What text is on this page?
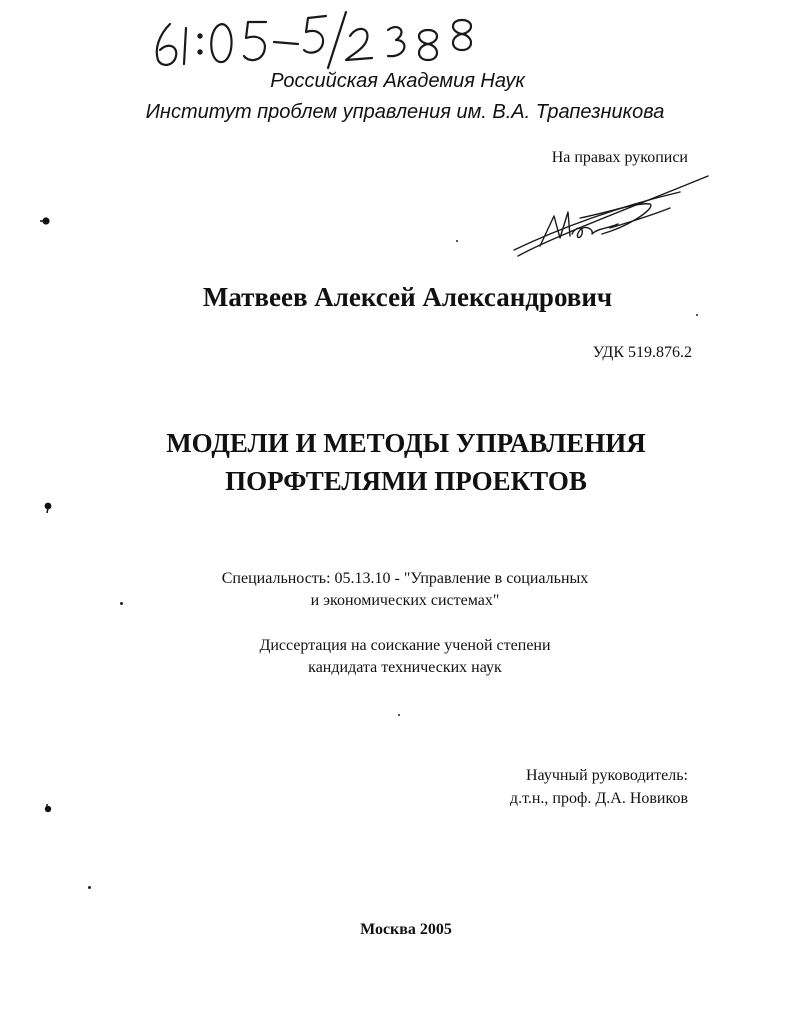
Российская Академия Наук
Институт проблем управления им. В.А. Трапезникова
На правах рукописи
Матвеев Алексей Александрович
УДК 519.876.2
МОДЕЛИ И МЕТОДЫ УПРАВЛЕНИЯ
ПОРФТЕЛЯМИ ПРОЕКТОВ
Специальность: 05.13.10 - "Управление в социальных
и экономических системах"
Диссертация на соискание ученой степени
кандидата технических наук
Научный руководитель:
д.т.н., проф. Д.А. Новиков
Москва 2005
